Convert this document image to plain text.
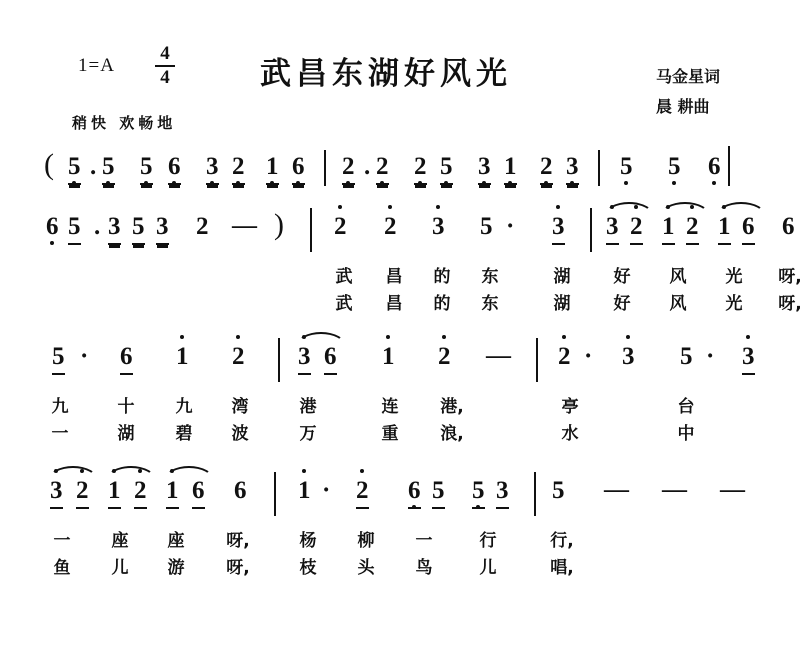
1=A
4
4
稍快 欢畅地
武昌东湖好风光	马金星词
晨 耕曲
( 5 . 5 5 6 3 2 1 6 2 . 2 2 5 3 1 2 3 5 5 6
6 5 . 3 5 3 2 — ) 2 2 3 5 · 3 3 2 1 2 1 6 6
武 昌 的 东	湖	好 风 光 呀,
武 昌 的 东	湖	好 风 光 呀,
5 · 6 1 2 3 6 1 2 — 2 · 3 5 · 3
九	十 九 湾	港	连 港,	亭	台
一	湖 碧 波	万	重 浪,	水	中
3 2 1 2 1 6 6 1 · 2 6 5 5 3 5 — — —
一 座 座 呀,	杨 柳 一	行	行,
鱼 儿 游 呀,	枝 头 鸟	儿	唱,
